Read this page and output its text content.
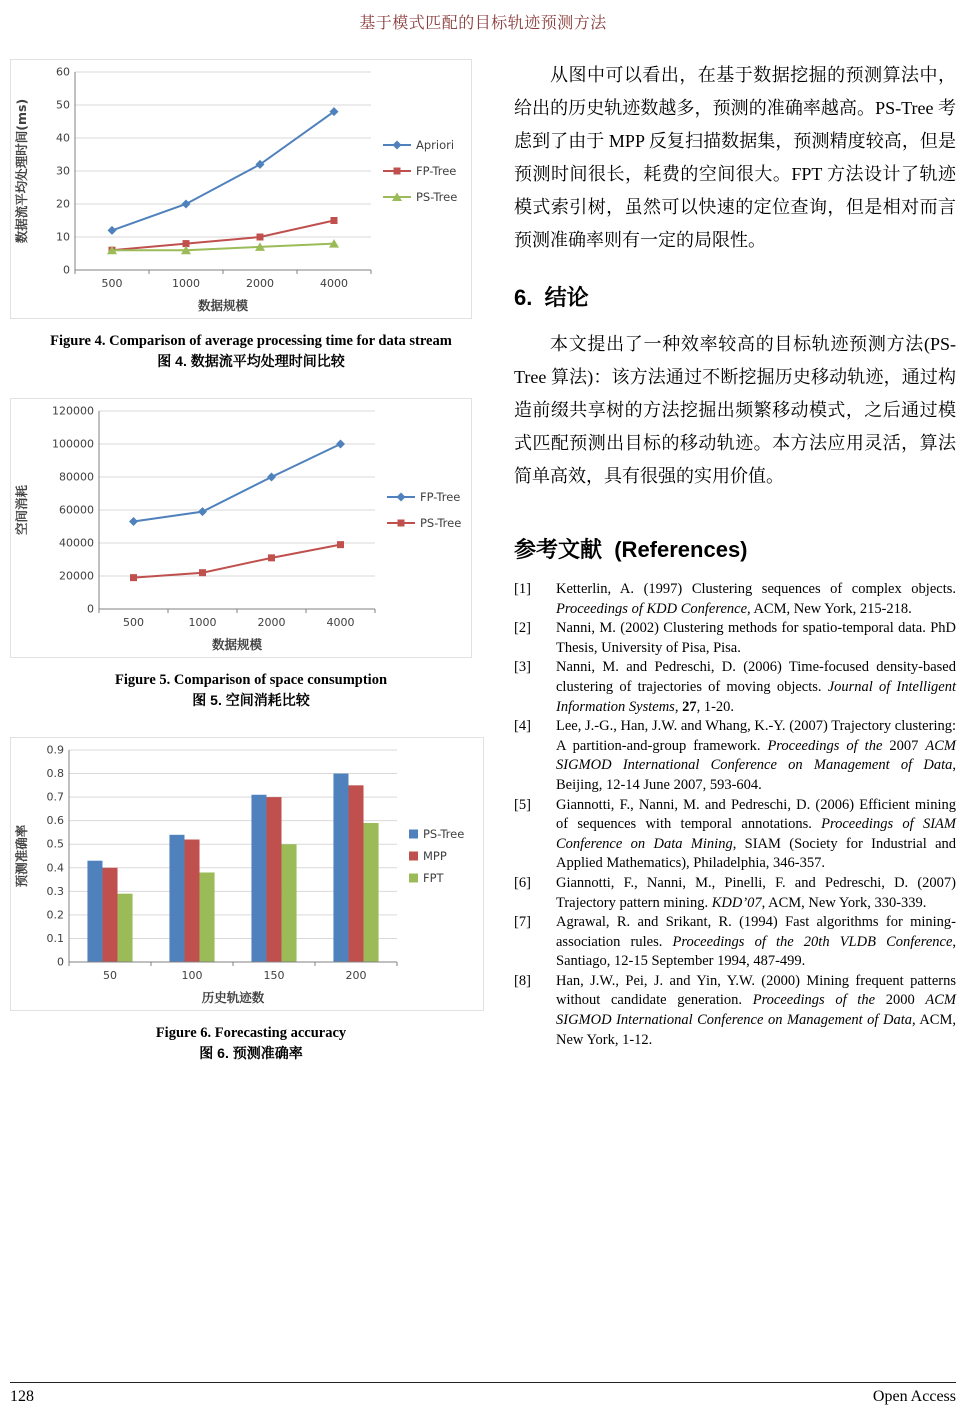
基于模式匹配的目标轨迹预测方法
0
10
20
30
40
50
60
500	1000	2000	4000
数据规模
数据流平均处理时间(ms)	Apriori
FP-Tree
PS-Tree
Figure 4. Comparison of average processing time for data stream
图 4. 数据流平均处理时间比较
0
20000
40000
60000
80000
100000
120000
500	1000	2000	4000
数据规模
空间消耗	FP-Tree
PS-Tree
Figure 5. Comparison of space consumption
图 5. 空间消耗比较
0
0.1
0.2
0.3
0.4
0.5
0.6
0.7
0.8
0.9
50	100	150	200
历史轨迹数
预测准确率	PS-Tree
MPP
FPT
Figure 6. Forecasting accuracy
图 6. 预测准确率

从图中可以看出，在基于数据挖掘的预测算法中，给出的历史轨迹数越多，预测的准确率越高。PS-Tree 考虑到了由于 MPP 反复扫描数据集，预测精度较高，但是预测时间很长，耗费的空间很大。FPT 方法设计了轨迹模式索引树，虽然可以快速的定位查询，但是相对而言预测准确率则有一定的局限性。

6.  结论

本文提出了一种效率较高的目标轨迹预测方法(PS-Tree 算法)：该方法通过不断挖掘历史移动轨迹，通过构造前缀共享树的方法挖掘出频繁移动模式，之后通过模式匹配预测出目标的移动轨迹。本方法应用灵活，算法简单高效，具有很强的实用价值。

参考文献  (References)
[1]	Ketterlin, A. (1997) Clustering sequences of complex objects. Proceedings of KDD Conference, ACM, New York, 215-218.
[2]	Nanni, M. (2002) Clustering methods for spatio-temporal data. PhD Thesis, University of Pisa, Pisa.
[3]	Nanni, M. and Pedreschi, D. (2006) Time-focused density-based clustering of trajectories of moving objects. Journal of Intelligent Information Systems, 27, 1-20.
[4]	Lee, J.-G., Han, J.W. and Whang, K.-Y. (2007) Trajectory clustering: A partition-and-group framework. Proceedings of the 2007 ACM SIGMOD International Conference on Management of Data, Beijing, 12-14 June 2007, 593-604.
[5]	Giannotti, F., Nanni, M. and Pedreschi, D. (2006) Efficient mining of sequences with temporal annotations. Proceedings of SIAM Conference on Data Mining, SIAM (Society for Industrial and Applied Mathematics), Philadelphia, 346-357.
[6]	Giannotti, F., Nanni, M., Pinelli, F. and Pedreschi, D. (2007) Trajectory pattern mining. KDD’07, ACM, New York, 330-339.
[7]	Agrawal, R. and Srikant, R. (1994) Fast algorithms for mining-association rules. Proceedings of the 20th VLDB Conference, Santiago, 12-15 September 1994, 487-499.
[8]	Han, J.W., Pei, J. and Yin, Y.W. (2000) Mining frequent patterns without candidate generation. Proceedings of the 2000 ACM SIGMOD International Conference on Management of Data, ACM, New York, 1-12.
128	Open Access
